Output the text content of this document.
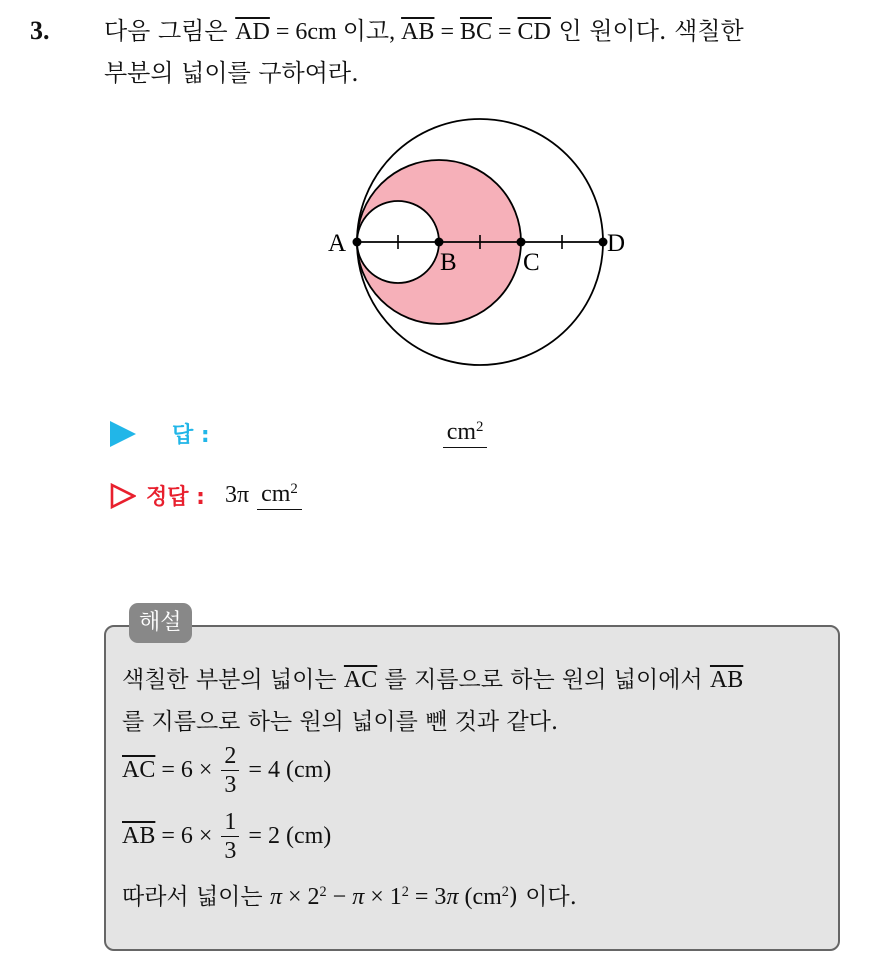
3. 다음 그림은 $\overline{AD} = 6cm$ 이고, $\overline{AB} = \overline{BC} = \overline{CD}$ 인 원이다. 색칠한
부분의 넓이를 구하여라.
A
B	C
D
답 :	$cm^2$
정답 : 3π $cm^2$
해설
색칠한 부분의 넓이는 $\overline{AC}$ 를 지름으로 하는 원의 넓이에서 $\overline{AB}$
를 지름으로 하는 원의 넓이를 뺀 것과 같다.
$\overline{AC} = 6 \times \frac{2}{3} = 4$ (cm)
$\overline{AB} = 6 \times \frac{1}{3} = 2$ (cm)
따라서 넓이는 $\pi \times 2^2 - \pi \times 1^2 = 3\pi$ $(cm^2)$ 이다.
